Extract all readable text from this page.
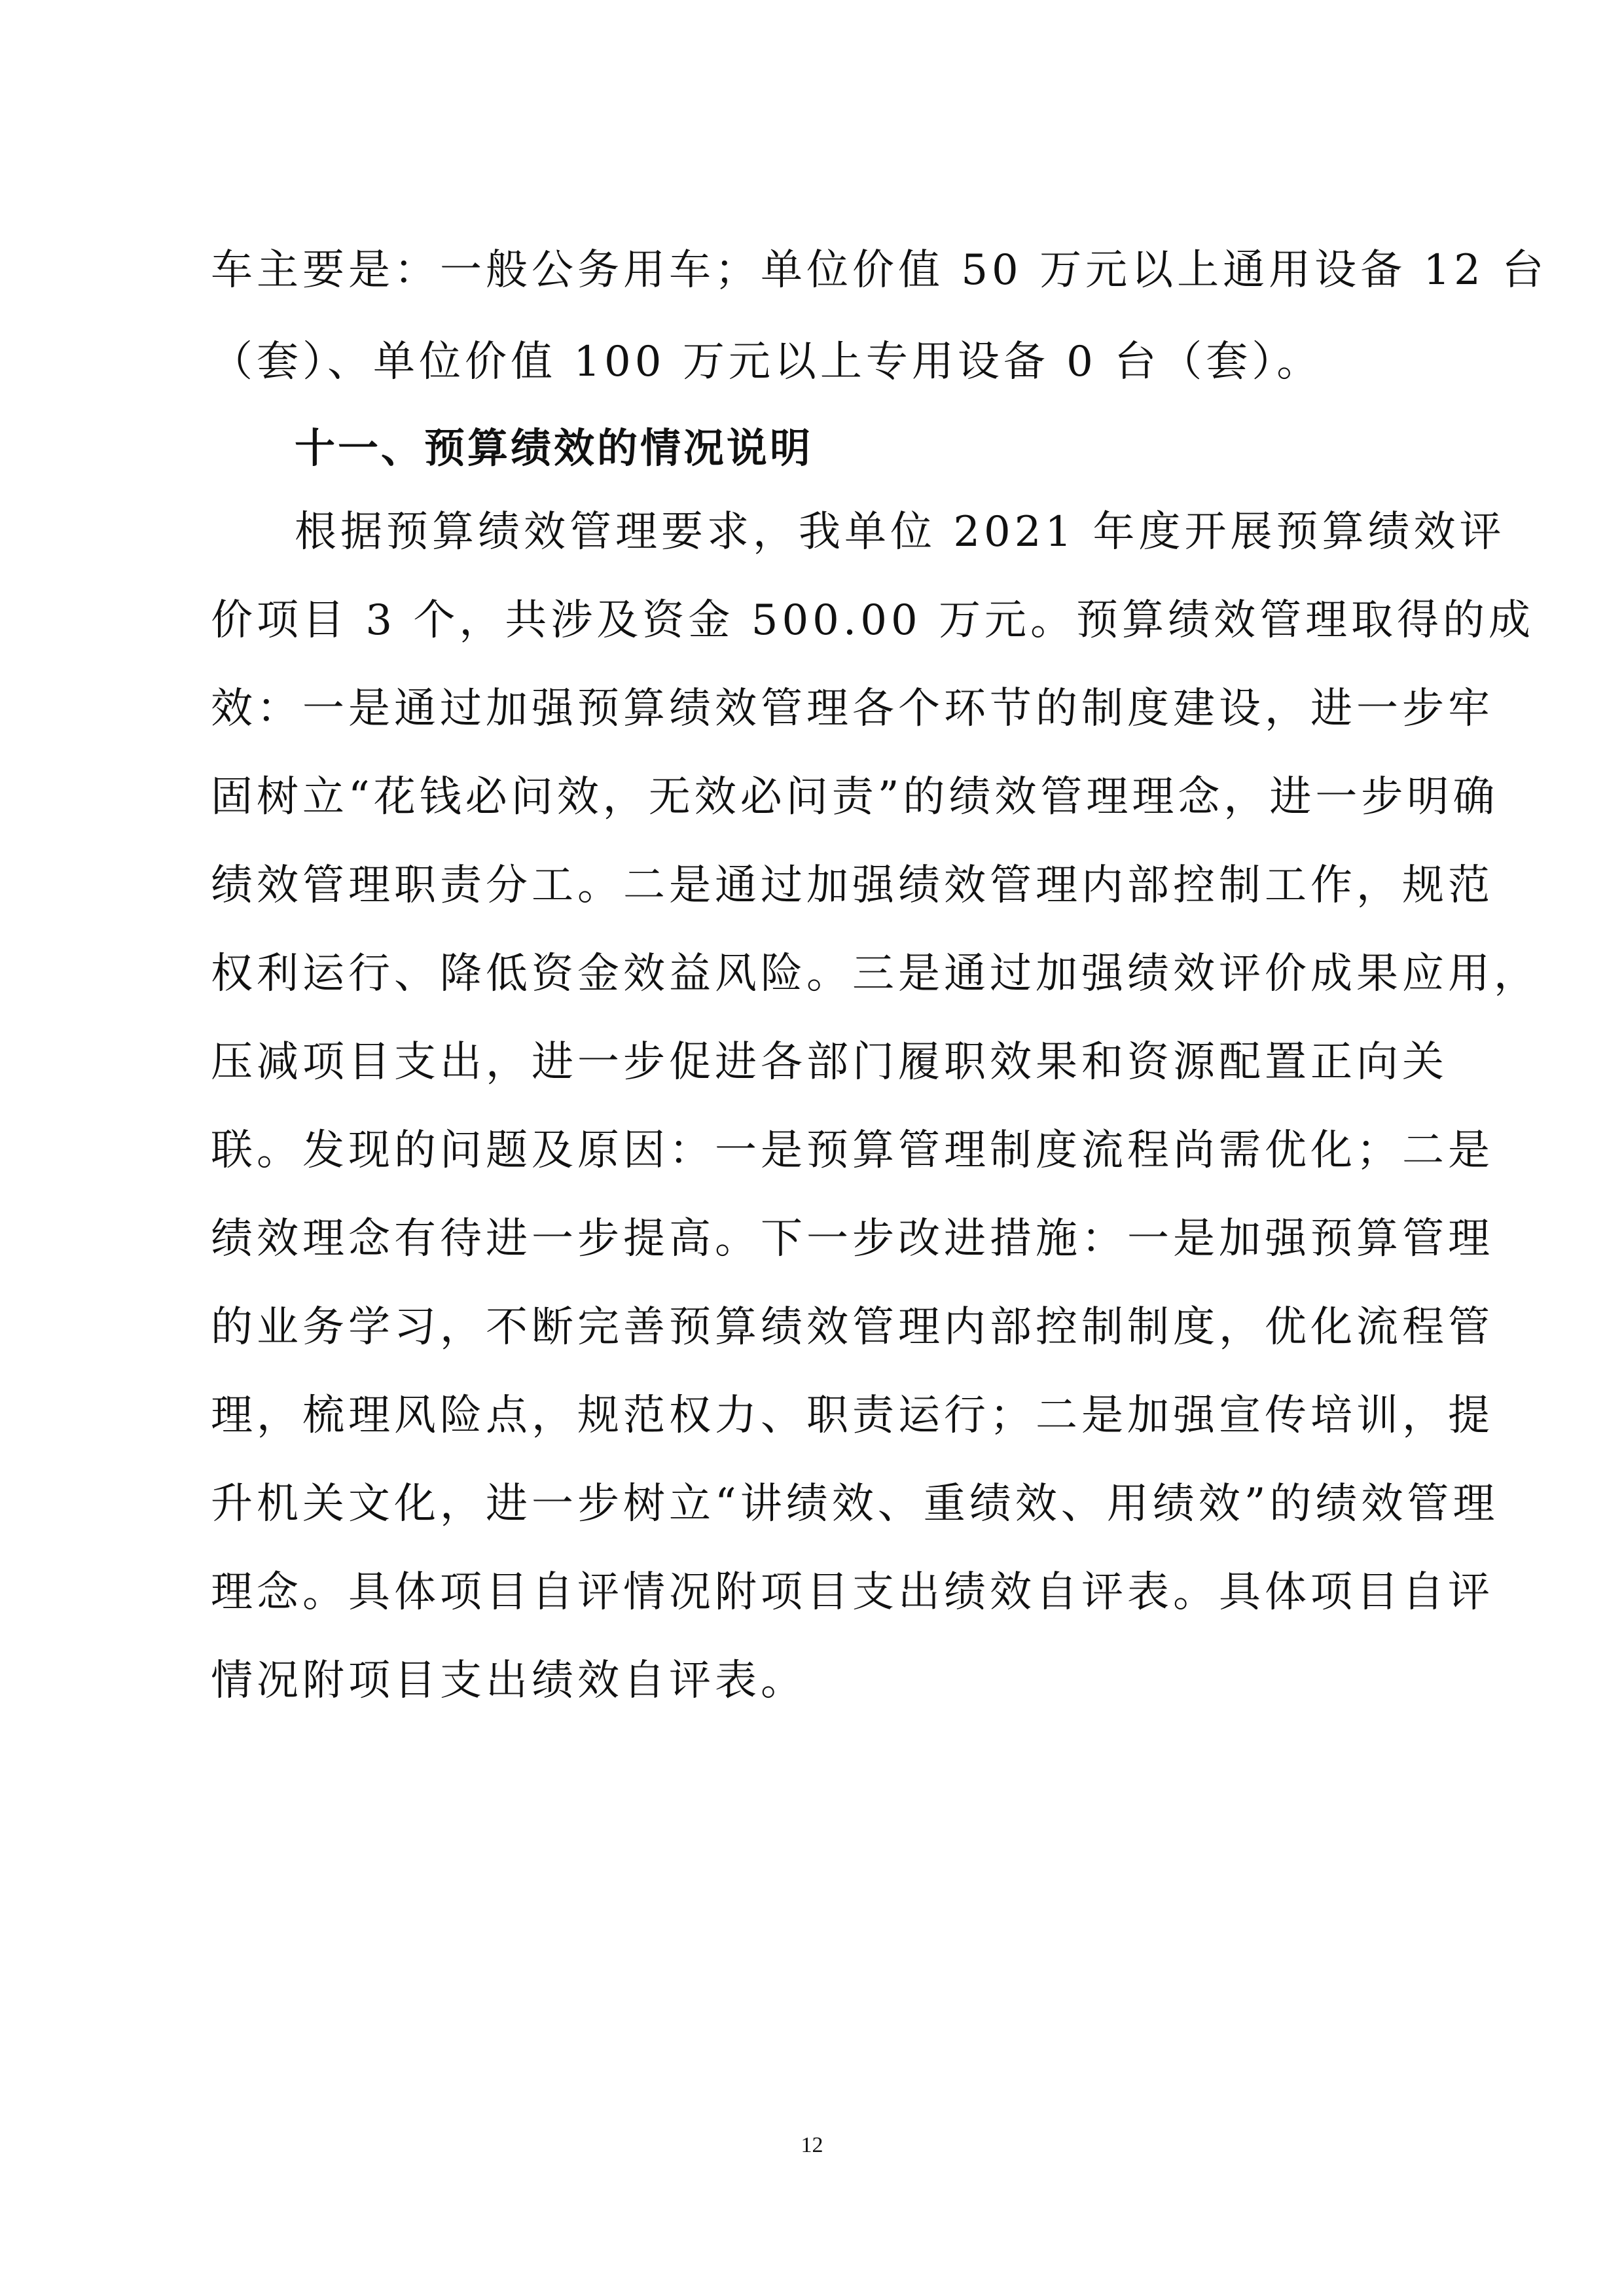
车主要是：一般公务用车；单位价值 50 万元以上通用设备 12 台
（套）、单位价值 100 万元以上专用设备 0 台（套）。
十一、预算绩效的情况说明
根据预算绩效管理要求，我单位 2021 年度开展预算绩效评
价项目 3 个，共涉及资金 500.00 万元。预算绩效管理取得的成
效：一是通过加强预算绩效管理各个环节的制度建设，进一步牢
固树立“花钱必问效，无效必问责”的绩效管理理念，进一步明确
绩效管理职责分工。二是通过加强绩效管理内部控制工作，规范
权利运行、降低资金效益风险。三是通过加强绩效评价成果应用，
压减项目支出，进一步促进各部门履职效果和资源配置正向关
联。发现的问题及原因：一是预算管理制度流程尚需优化；二是
绩效理念有待进一步提高。下一步改进措施：一是加强预算管理
的业务学习，不断完善预算绩效管理内部控制制度，优化流程管
理，梳理风险点，规范权力、职责运行；二是加强宣传培训，提
升机关文化，进一步树立“讲绩效、重绩效、用绩效”的绩效管理
理念。具体项目自评情况附项目支出绩效自评表。具体项目自评
情况附项目支出绩效自评表。
12
